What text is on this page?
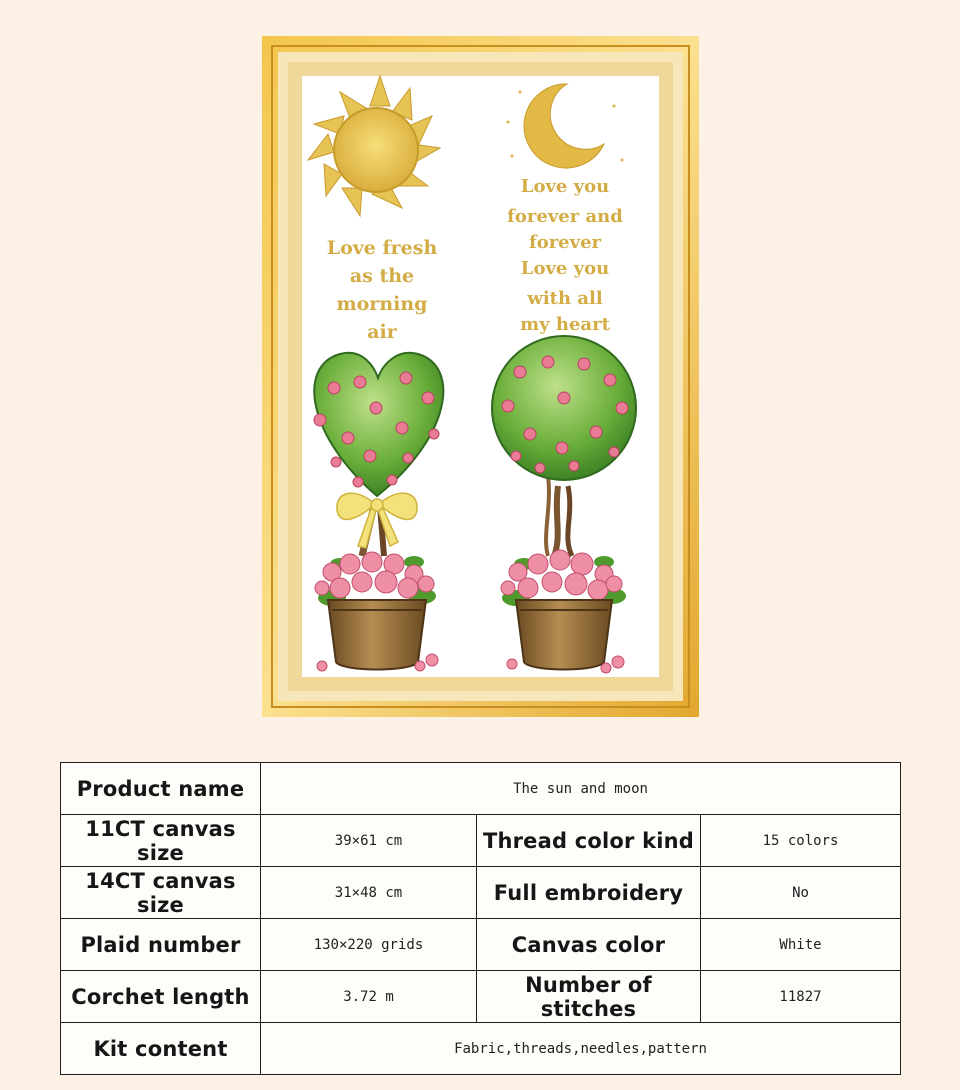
Love fresh
as the
morning
air
Love you
forever and
forever
Love you
with all
my heart
Product name	The sun and moon		
11CT canvas size	39×61 cm	Thread color kind	15 colors
14CT canvas size	31×48 cm	Full embroidery	No
Plaid number	130×220 grids	Canvas color	White
Corchet length	3.72 m	Number of stitches	11827
Kit content	Fabric,threads,needles,pattern		
